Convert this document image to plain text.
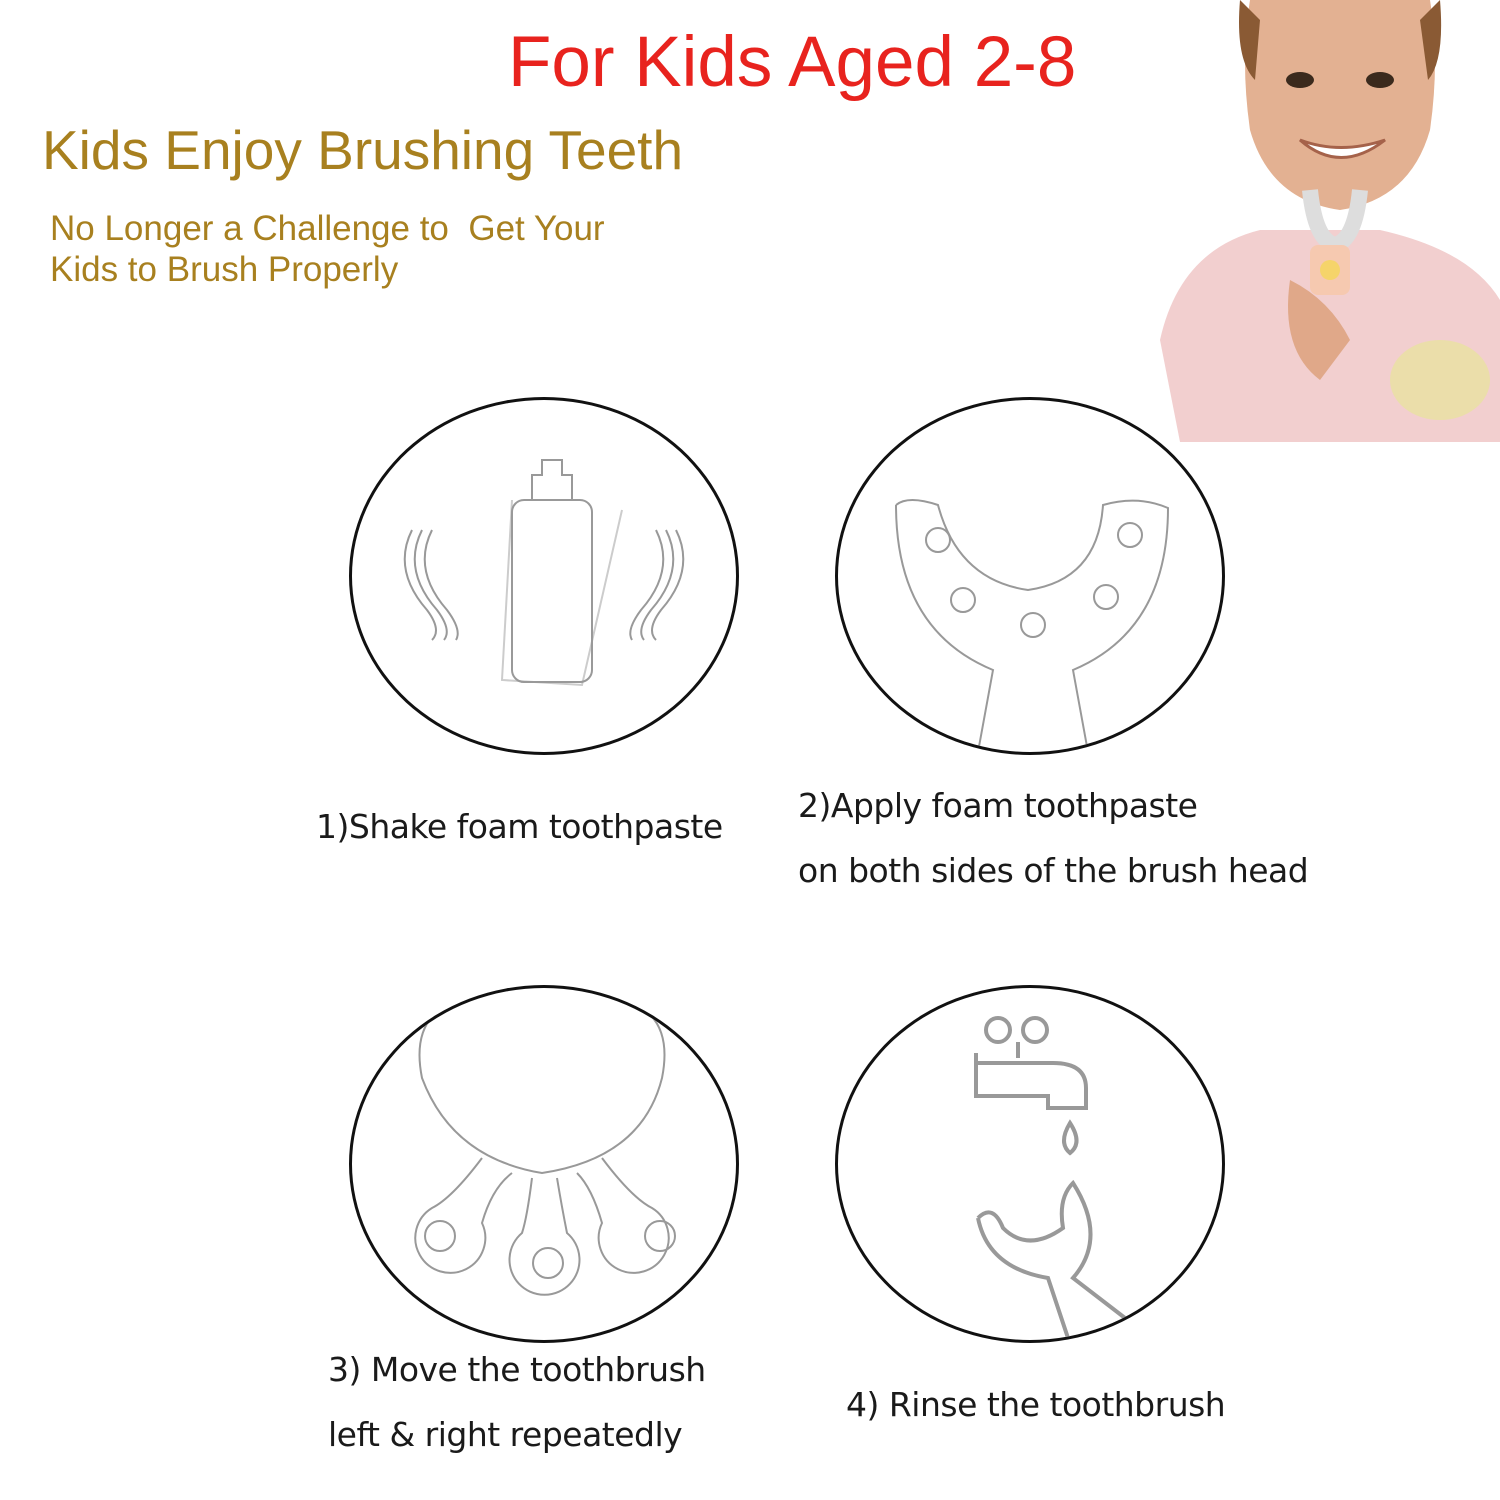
For Kids Aged 2-8
Kids Enjoy Brushing Teeth
No Longer a Challenge to  Get Your
Kids to Brush Properly
1)Shake foam toothpaste
2)Apply foam toothpaste
on both sides of the brush head
3) Move the toothbrush
left & right repeatedly
4) Rinse the toothbrush
